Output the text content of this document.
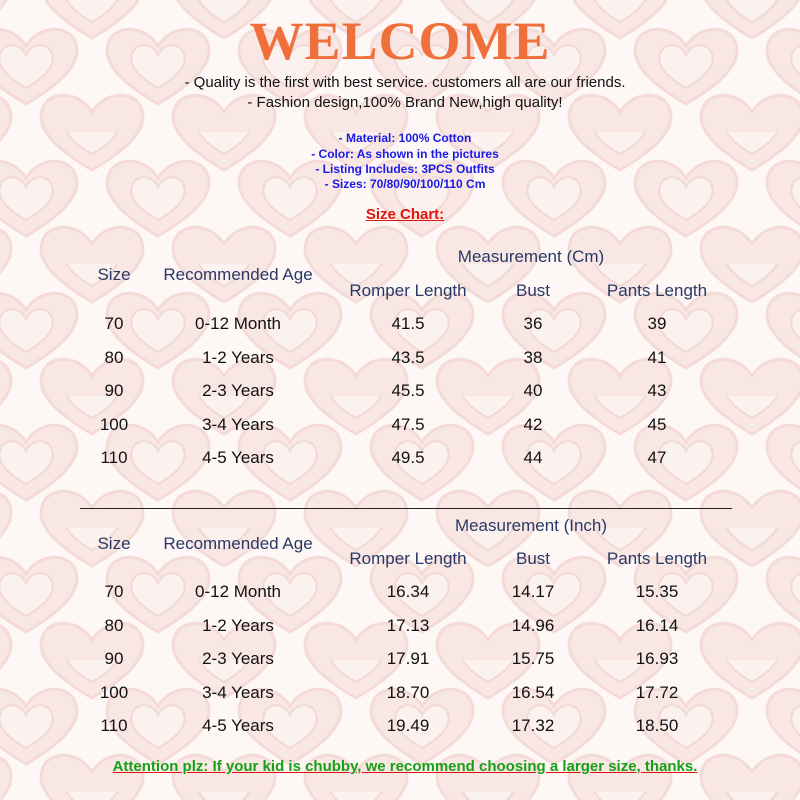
WELCOME
- Quality is the first with best service. customers all are our friends.
- Fashion design,100% Brand New,high quality!
- Material: 100% Cotton
- Color: As shown in the pictures
- Listing Includes: 3PCS Outfits
- Sizes: 70/80/90/100/110 Cm
Size Chart:
Measurement (Cm)
Size Recommended Age
Romper Length	Bust	Pants Length
70	0-12 Month	41.5	36	39
80	1-2 Years	43.5	38	41
90	2-3 Years	45.5	40	43
100	3-4 Years	47.5	42	45
110	4-5 Years	49.5	44	47
Measurement (Inch)
Size Recommended Age
Romper Length	Bust	Pants Length
70	0-12 Month	16.34	14.17	15.35
80	1-2 Years	17.13	14.96	16.14
90	2-3 Years	17.91	15.75	16.93
100	3-4 Years	18.70	16.54	17.72
110	4-5 Years	19.49	17.32	18.50
Attention plz: If your kid is chubby, we recommend choosing a larger size, thanks.
